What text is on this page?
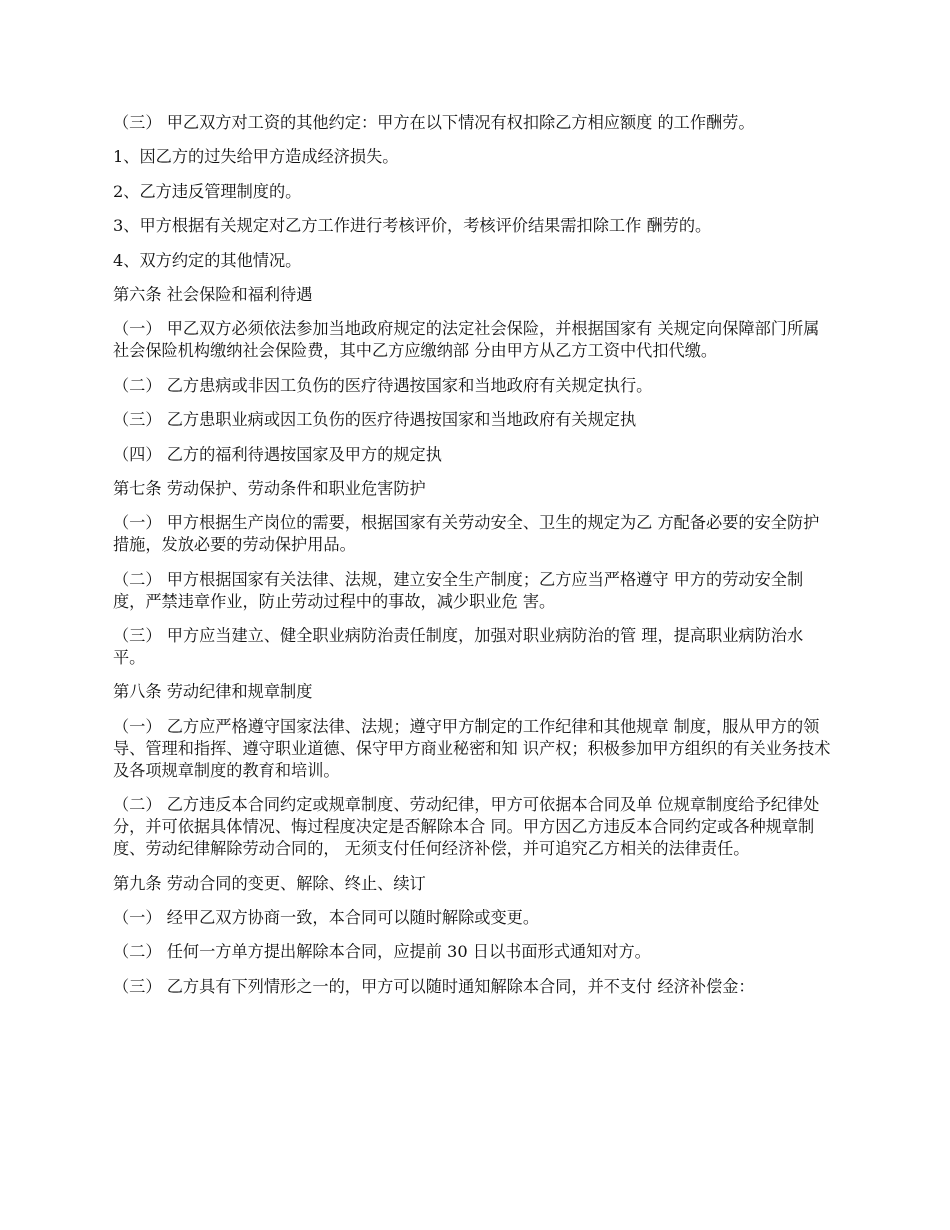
（三） 甲乙双方对工资的其他约定：甲方在以下情况有权扣除乙方相应额度 的工作酬劳。

1、因乙方的过失给甲方造成经济损失。

2、乙方违反管理制度的。

3、甲方根据有关规定对乙方工作进行考核评价，考核评价结果需扣除工作 酬劳的。

4、双方约定的其他情况。

第六条 社会保险和福利待遇

（一） 甲乙双方必须依法参加当地政府规定的法定社会保险，并根据国家有 关规定向保障部门所属社会保险机构缴纳社会保险费，其中乙方应缴纳部 分由甲方从乙方工资中代扣代缴。

（二） 乙方患病或非因工负伤的医疗待遇按国家和当地政府有关规定执行。

（三） 乙方患职业病或因工负伤的医疗待遇按国家和当地政府有关规定执

（四） 乙方的福利待遇按国家及甲方的规定执

第七条 劳动保护、劳动条件和职业危害防护

（一） 甲方根据生产岗位的需要，根据国家有关劳动安全、卫生的规定为乙 方配备必要的安全防护措施，发放必要的劳动保护用品。

（二） 甲方根据国家有关法律、法规，建立安全生产制度；乙方应当严格遵守 甲方的劳动安全制度，严禁违章作业，防止劳动过程中的事故，减少职业危 害。

（三） 甲方应当建立、健全职业病防治责任制度，加强对职业病防治的管 理，提高职业病防治水平。

第八条 劳动纪律和规章制度

（一） 乙方应严格遵守国家法律、法规；遵守甲方制定的工作纪律和其他规章 制度，服从甲方的领导、管理和指挥、遵守职业道德、保守甲方商业秘密和知 识产权；积极参加甲方组织的有关业务技术及各项规章制度的教育和培训。

（二） 乙方违反本合同约定或规章制度、劳动纪律，甲方可依据本合同及单 位规章制度给予纪律处分，并可依据具体情况、悔过程度决定是否解除本合 同。甲方因乙方违反本合同约定或各种规章制度、劳动纪律解除劳动合同的， 无须支付任何经济补偿，并可追究乙方相关的法律责任。

第九条 劳动合同的变更、解除、终止、续订

（一） 经甲乙双方协商一致，本合同可以随时解除或变更。

（二） 任何一方单方提出解除本合同，应提前 30 日以书面形式通知对方。

（三） 乙方具有下列情形之一的，甲方可以随时通知解除本合同，并不支付 经济补偿金：
